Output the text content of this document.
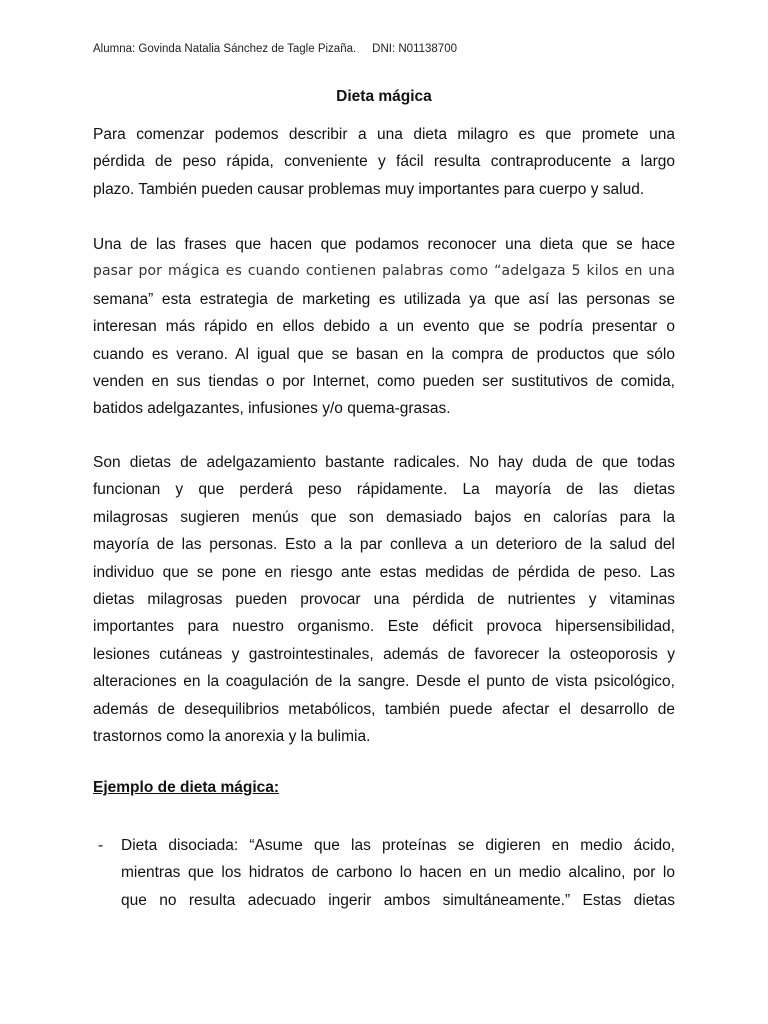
Alumna: Govinda Natalia Sánchez de Tagle Pizaña. DNI: N01138700
Dieta mágica
Para comenzar podemos describir a una dieta milagro es que promete una
pérdida de peso rápida, conveniente y fácil resulta contraproducente a largo
plazo. También pueden causar problemas muy importantes para cuerpo y salud.
Una de las frases que hacen que podamos reconocer una dieta que se hace
pasar por mágica es cuando contienen palabras como “adelgaza 5 kilos en una
semana” esta estrategia de marketing es utilizada ya que así las personas se
interesan más rápido en ellos debido a un evento que se podría presentar o
cuando es verano. Al igual que se basan en la compra de productos que sólo
venden en sus tiendas o por Internet, como pueden ser sustitutivos de comida,
batidos adelgazantes, infusiones y/o quema-grasas.
Son dietas de adelgazamiento bastante radicales. No hay duda de que todas
funcionan y que perderá peso rápidamente. La mayoría de las dietas
milagrosas sugieren menús que son demasiado bajos en calorías para la
mayoría de las personas. Esto a la par conlleva a un deterioro de la salud del
individuo que se pone en riesgo ante estas medidas de pérdida de peso. Las
dietas milagrosas pueden provocar una pérdida de nutrientes y vitaminas
importantes para nuestro organismo. Este déficit provoca hipersensibilidad,
lesiones cutáneas y gastrointestinales, además de favorecer la osteoporosis y
alteraciones en la coagulación de la sangre. Desde el punto de vista psicológico,
además de desequilibrios metabólicos, también puede afectar el desarrollo de
trastornos como la anorexia y la bulimia.
Ejemplo de dieta mágica:
- Dieta disociada: “Asume que las proteínas se digieren en medio ácido,
mientras que los hidratos de carbono lo hacen en un medio alcalino, por lo
que no resulta adecuado ingerir ambos simultáneamente.” Estas dietas
